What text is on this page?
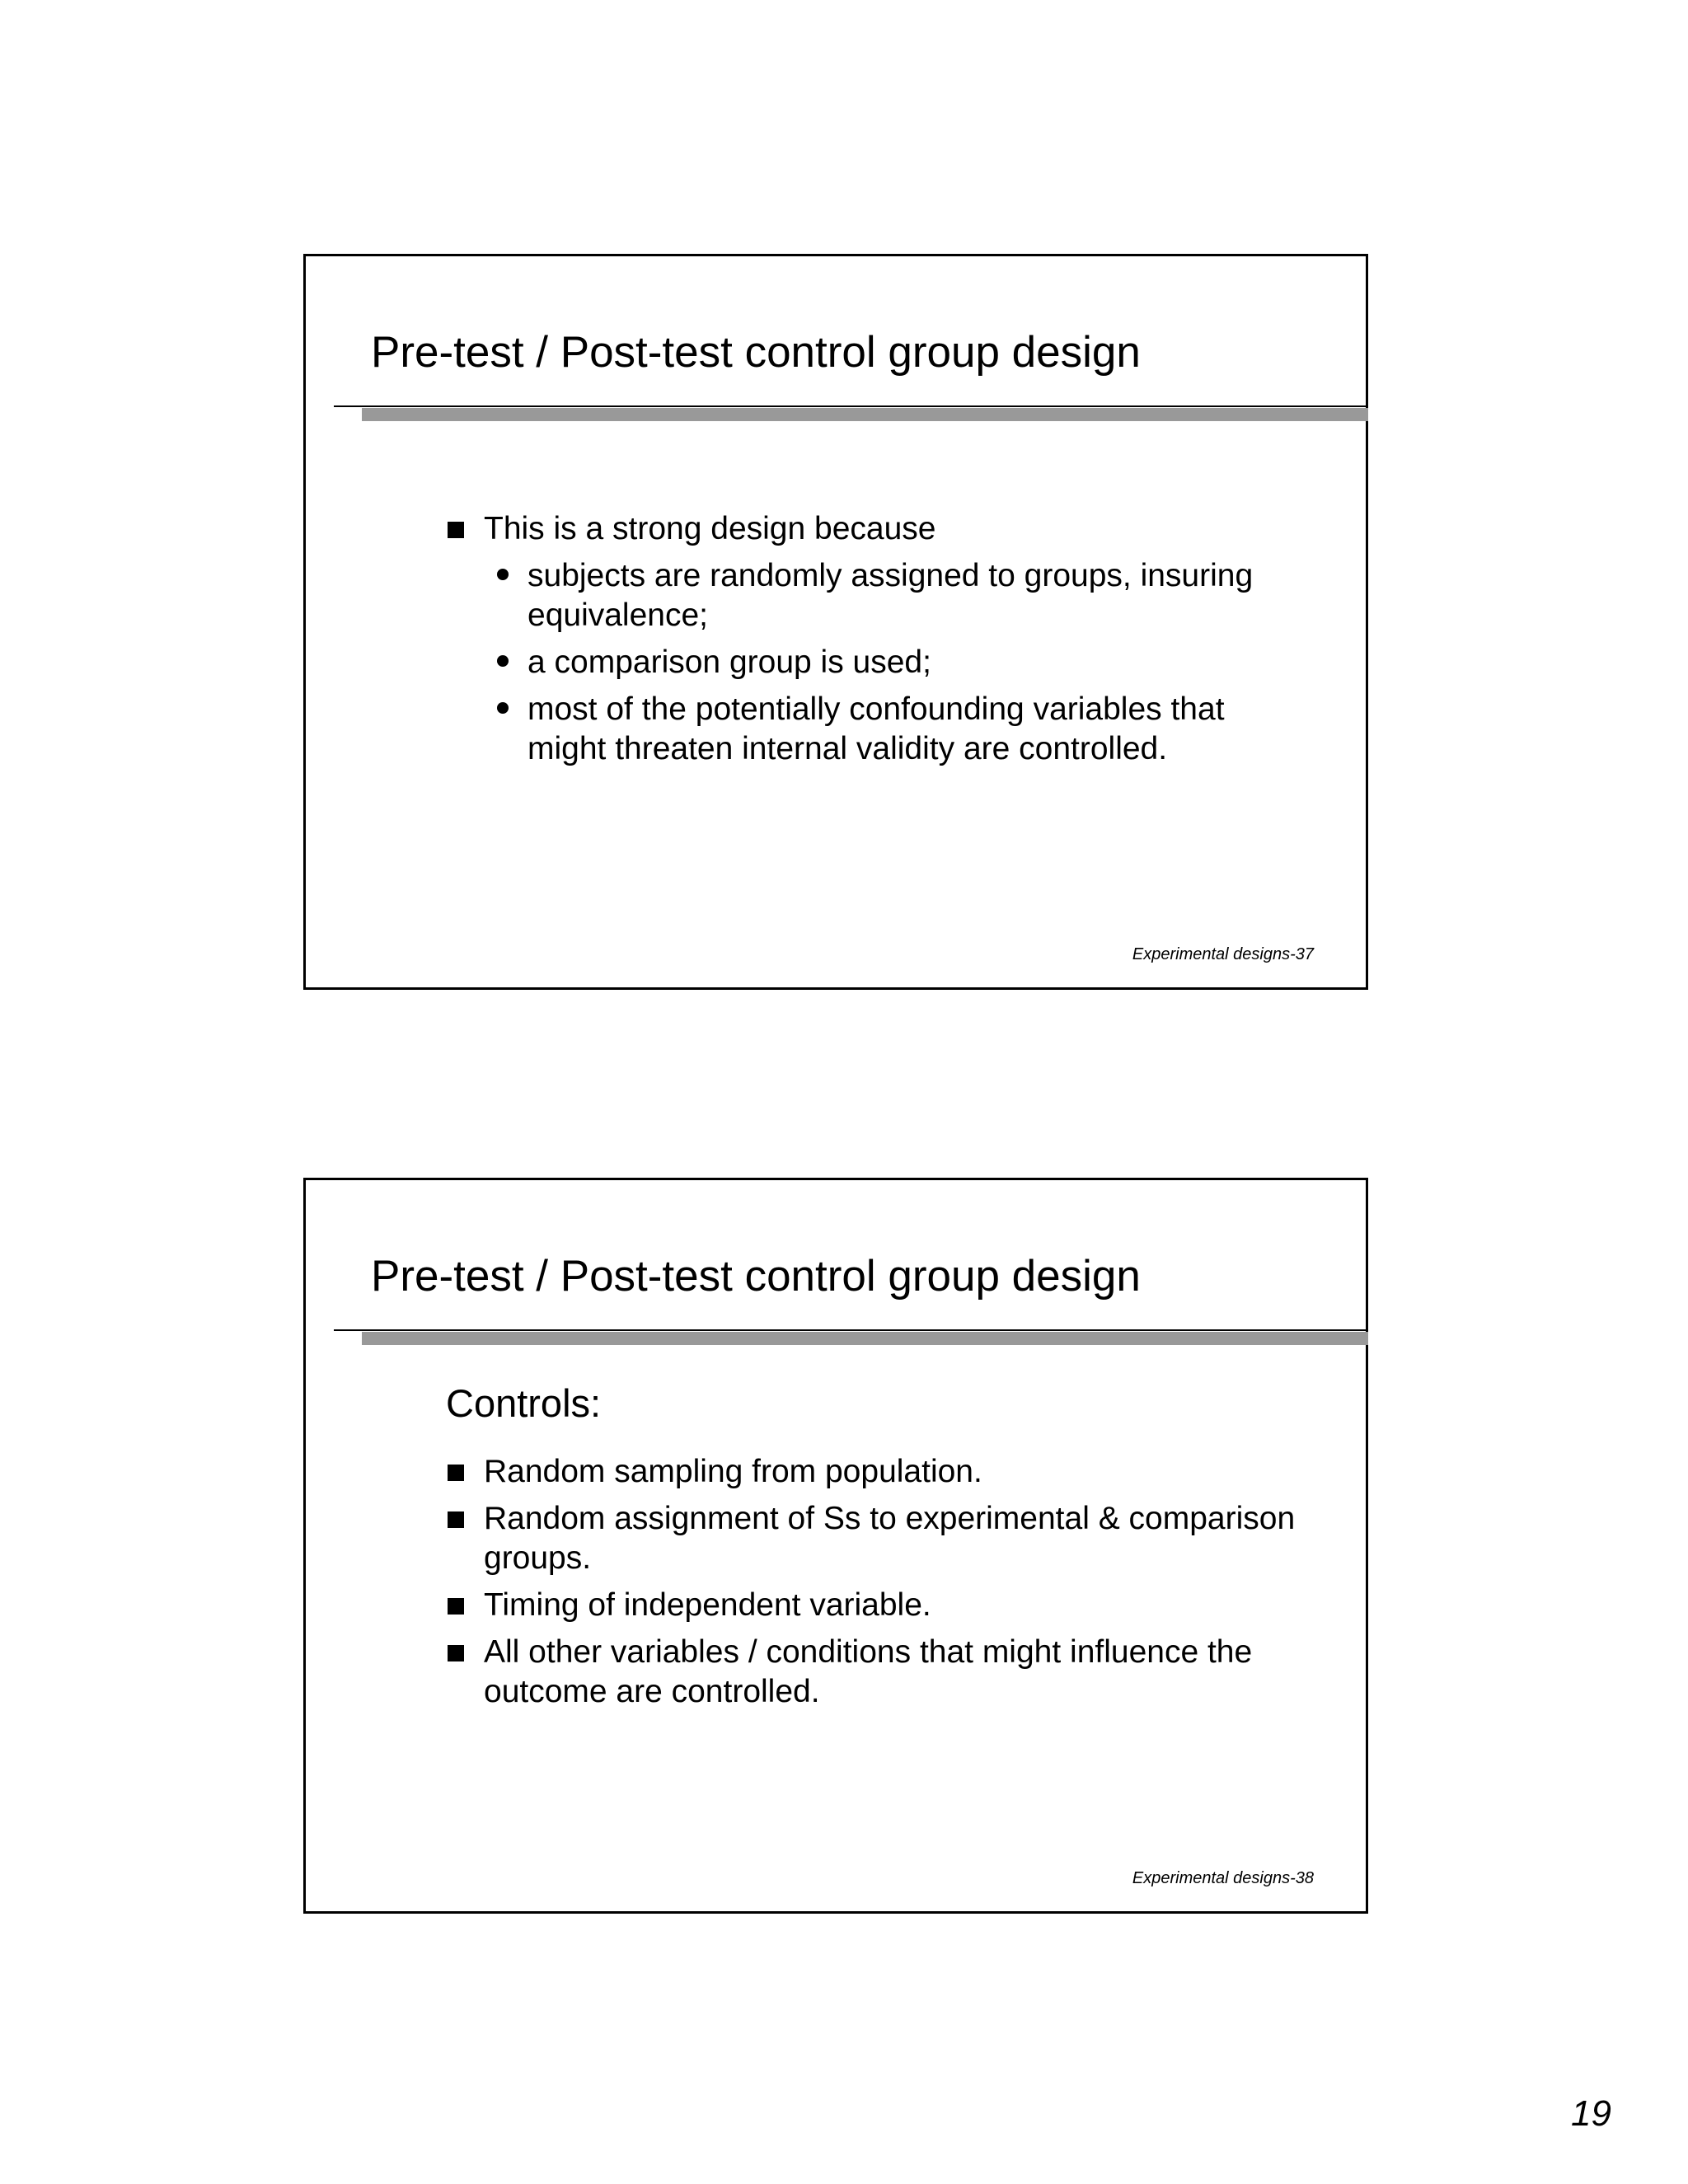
Pre-test / Post-test control group design
This is a strong design because
subjects are randomly assigned to groups, insuring equivalence;
a comparison group is used;
most of the potentially confounding variables that might threaten internal validity are controlled.
Experimental designs-37
Pre-test / Post-test control group design
Controls:
Random sampling from population.
Random assignment of Ss to experimental & comparison groups.
Timing of independent variable.
All other variables / conditions that might influence the outcome are controlled.
Experimental designs-38
19
